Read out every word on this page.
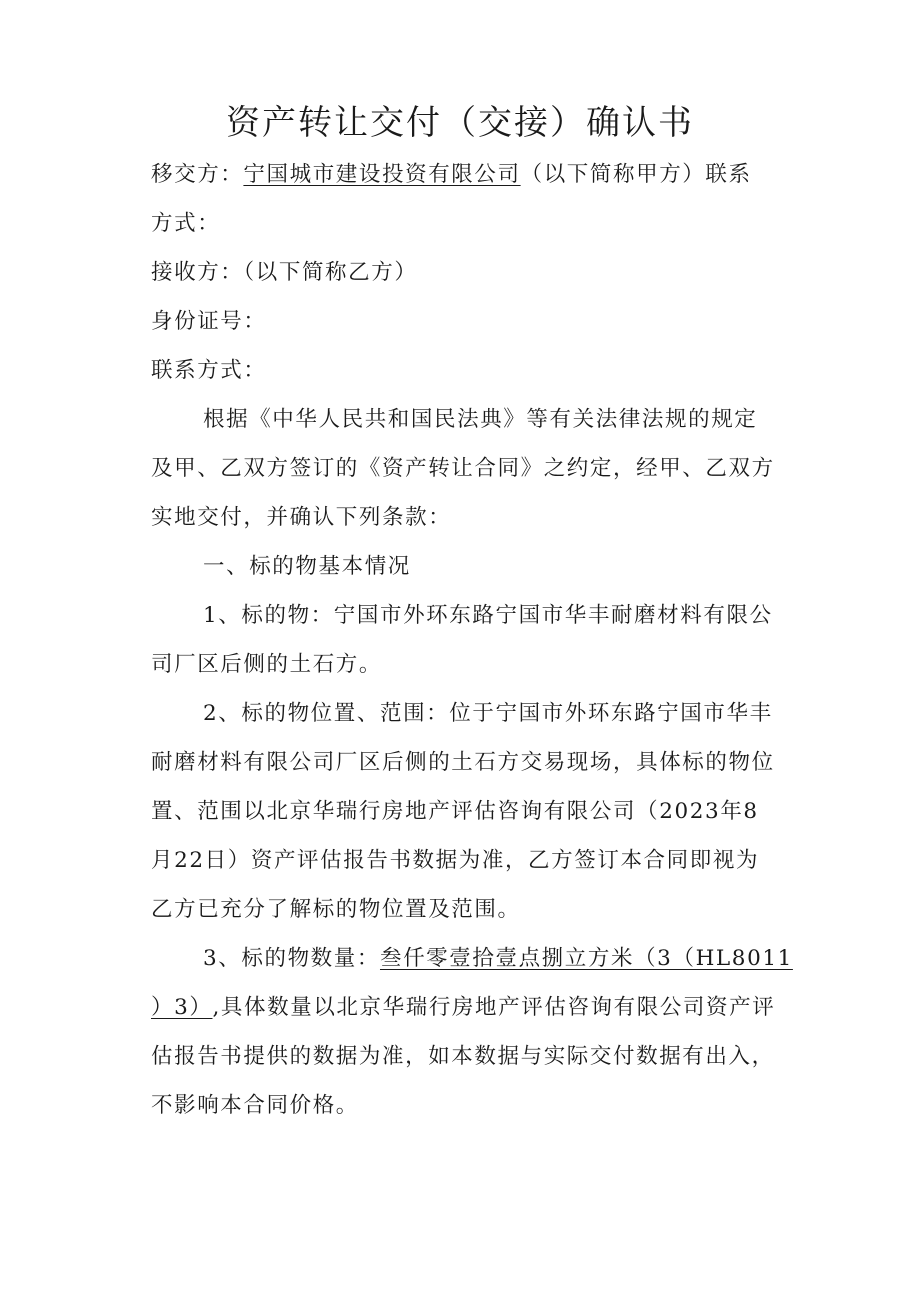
资产转让交付（交接）确认书
移交方：宁国城市建设投资有限公司（以下简称甲方）联系
方式：
接收方：（以下简称乙方）
身份证号：
联系方式：
根据《中华人民共和国民法典》等有关法律法规的规定
及甲、乙双方签订的《资产转让合同》之约定，经甲、乙双方
实地交付，并确认下列条款：
一、标的物基本情况
1、标的物：宁国市外环东路宁国市华丰耐磨材料有限公
司厂区后侧的土石方。
2、标的物位置、范围：位于宁国市外环东路宁国市华丰
耐磨材料有限公司厂区后侧的土石方交易现场，具体标的物位
置、范围以北京华瑞行房地产评估咨询有限公司（2023年8
月22日）资产评估报告书数据为准，乙方签订本合同即视为
乙方已充分了解标的物位置及范围。
3、标的物数量：叁仟零壹拾壹点捌立方米（3（HL8011
）3）,具体数量以北京华瑞行房地产评估咨询有限公司资产评
估报告书提供的数据为准，如本数据与实际交付数据有出入，
不影响本合同价格。
